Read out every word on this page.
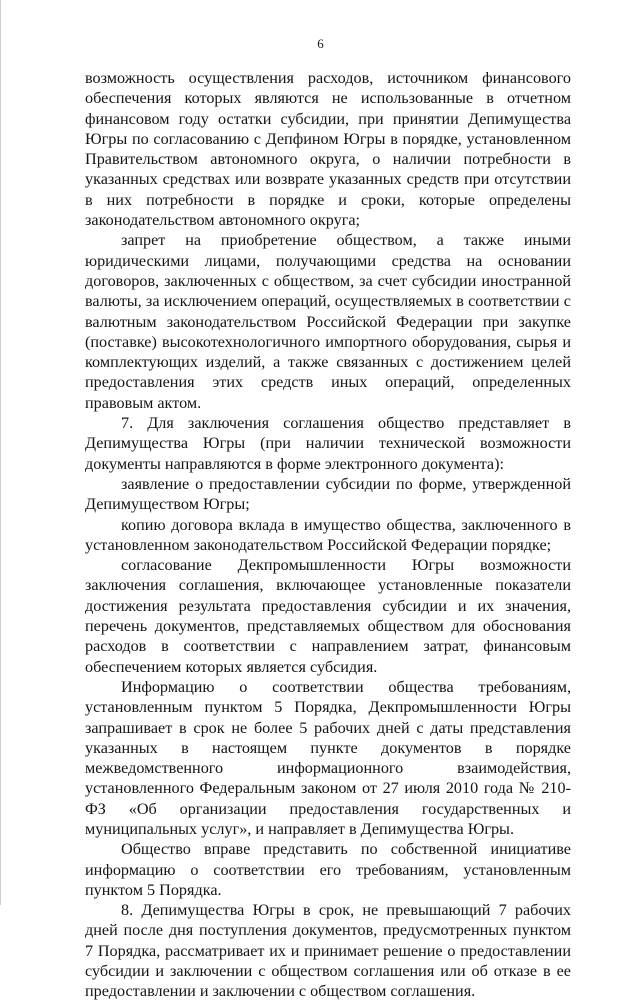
6

возможность осуществления расходов, источником финансового обеспечения которых являются не использованные в отчетном финансовом году остатки субсидии, при принятии Депимущества Югры по согласованию с Депфином Югры в порядке, установленном Правительством автономного округа, о наличии потребности в указанных средствах или возврате указанных средств при отсутствии в них потребности в порядке и сроки, которые определены законодательством автономного округа;

запрет на приобретение обществом, а также иными юридическими лицами, получающими средства на основании договоров, заключенных с обществом, за счет субсидии иностранной валюты, за исключением операций, осуществляемых в соответствии с валютным законодательством Российской Федерации при закупке (поставке) высокотехнологичного импортного оборудования, сырья и комплектующих изделий, а также связанных с достижением целей предоставления этих средств иных операций, определенных правовым актом.

7. Для заключения соглашения общество представляет в Депимущества Югры (при наличии технической возможности документы направляются в форме электронного документа):

заявление о предоставлении субсидии по форме, утвержденной Депимуществом Югры;

копию договора вклада в имущество общества, заключенного в установленном законодательством Российской Федерации порядке;

согласование Декпромышленности Югры возможности заключения соглашения, включающее установленные показатели достижения результата предоставления субсидии и их значения, перечень документов, представляемых обществом для обоснования расходов в соответствии с направлением затрат, финансовым обеспечением которых является субсидия.

Информацию о соответствии общества требованиям, установленным пунктом 5 Порядка, Декпромышленности Югры запрашивает в срок не более 5 рабочих дней с даты представления указанных в настоящем пункте документов в порядке межведомственного информационного взаимодействия, установленного Федеральным законом от 27 июля 2010 года № 210-ФЗ «Об организации предоставления государственных и муниципальных услуг», и направляет в Депимущества Югры.

Общество вправе представить по собственной инициативе информацию о соответствии его требованиям, установленным пунктом 5 Порядка.

8. Депимущества Югры в срок, не превышающий 7 рабочих дней после дня поступления документов, предусмотренных пунктом 7 Порядка, рассматривает их и принимает решение о предоставлении субсидии и заключении с обществом соглашения или об отказе в ее предоставлении и заключении с обществом соглашения.
